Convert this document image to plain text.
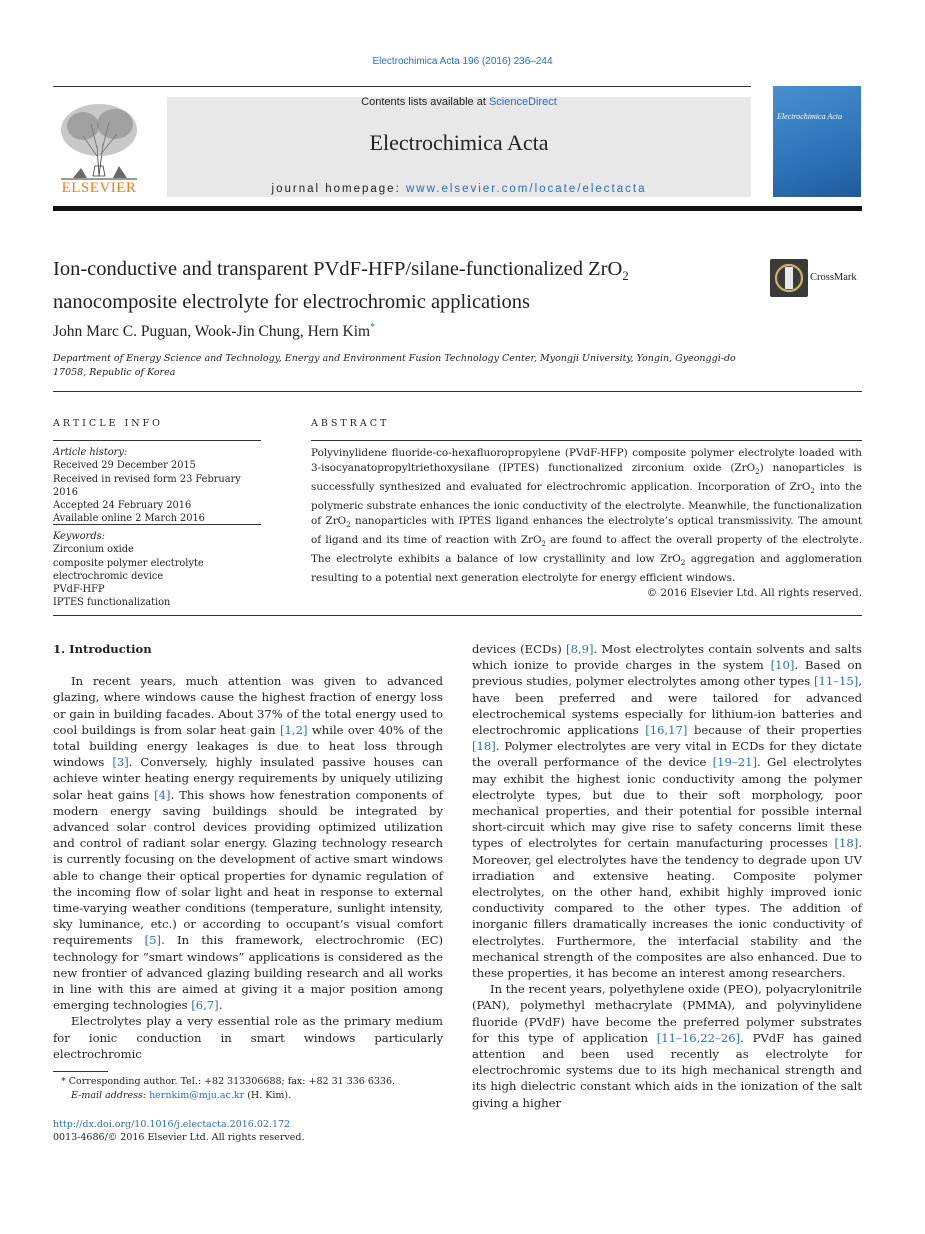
Electrochimica Acta 196 (2016) 236–244
Contents lists available at ScienceDirect
Electrochimica Acta
journal homepage: www.elsevier.com/locate/electacta
ELSEVIER
Electrochimica Acta
Ion-conductive and transparent PVdF-HFP/silane-functionalized ZrO$_2$
nanocomposite electrolyte for electrochromic applications
CrossMark
John Marc C. Puguan, Wook-Jin Chung, Hern Kim*
Department of Energy Science and Technology, Energy and Environment Fusion Technology Center, Myongji University, Yongin, Gyeonggi-do 17058, Republic of Korea
ARTICLE INFO
Article history:
Received 29 December 2015
Received in revised form 23 February 2016
Accepted 24 February 2016
Available online 2 March 2016
Keywords:
Zirconium oxide
composite polymer electrolyte
electrochromic device
PVdF-HFP
IPTES functionalization
ABSTRACT
Polyvinylidene fluoride-co-hexafluoropropylene (PVdF-HFP) composite polymer electrolyte loaded with 3-isocyanatopropyltriethoxysilane (IPTES) functionalized zirconium oxide (ZrO$_2$) nanoparticles is successfully synthesized and evaluated for electrochromic application. Incorporation of ZrO$_2$ into the polymeric substrate enhances the ionic conductivity of the electrolyte. Meanwhile, the functionalization of ZrO$_2$ nanoparticles with IPTES ligand enhances the electrolyte’s optical transmissivity. The amount of ligand and its time of reaction with ZrO$_2$ are found to affect the overall property of the electrolyte. The electrolyte exhibits a balance of low crystallinity and low ZrO$_2$ aggregation and agglomeration resulting to a potential next generation electrolyte for energy efficient windows.
© 2016 Elsevier Ltd. All rights reserved.
1. Introduction

In recent years, much attention was given to advanced glazing, where windows cause the highest fraction of energy loss or gain in building facades. About 37% of the total energy used to cool buildings is from solar heat gain [1,2] while over 40% of the total building energy leakages is due to heat loss through windows [3]. Conversely, highly insulated passive houses can achieve winter heating energy requirements by uniquely utilizing solar heat gains [4]. This shows how fenestration components of modern energy saving buildings should be integrated by advanced solar control devices providing optimized utilization and control of radiant solar energy. Glazing technology research is currently focusing on the development of active smart windows able to change their optical properties for dynamic regulation of the incoming flow of solar light and heat in response to external time-varying weather conditions (temperature, sunlight intensity, sky luminance, etc.) or according to occupant’s visual comfort requirements [5]. In this framework, electrochromic (EC) technology for “smart windows” applications is considered as the new frontier of advanced glazing building research and all works in line with this are aimed at giving it a major position among emerging technologies [6,7].

Electrolytes play a very essential role as the primary medium for ionic conduction in smart windows particularly electrochromic

devices (ECDs) [8,9]. Most electrolytes contain solvents and salts which ionize to provide charges in the system [10]. Based on previous studies, polymer electrolytes among other types [11–15], have been preferred and were tailored for advanced electrochemical systems especially for lithium-ion batteries and electrochromic applications [16,17] because of their properties [18]. Polymer electrolytes are very vital in ECDs for they dictate the overall performance of the device [19–21]. Gel electrolytes may exhibit the highest ionic conductivity among the polymer electrolyte types, but due to their soft morphology, poor mechanical properties, and their potential for possible internal short-circuit which may give rise to safety concerns limit these types of electrolytes for certain manufacturing processes [18]. Moreover, gel electrolytes have the tendency to degrade upon UV irradiation and extensive heating. Composite polymer electrolytes, on the other hand, exhibit highly improved ionic conductivity compared to the other types. The addition of inorganic fillers dramatically increases the ionic conductivity of electrolytes. Furthermore, the interfacial stability and the mechanical strength of the composites are also enhanced. Due to these properties, it has become an interest among researchers.

In the recent years, polyethylene oxide (PEO), polyacrylonitrile (PAN), polymethyl methacrylate (PMMA), and polyvinylidene fluoride (PVdF) have become the preferred polymer substrates for this type of application [11–16,22–26]. PVdF has gained attention and been used recently as electrolyte for electrochromic systems due to its high mechanical strength and its high dielectric constant which aids in the ionization of the salt giving a higher

* Corresponding author. Tel.: +82 313306688; fax: +82 31 336 6336.
E-mail address: hernkim@mju.ac.kr (H. Kim).
http://dx.doi.org/10.1016/j.electacta.2016.02.172
0013-4686/© 2016 Elsevier Ltd. All rights reserved.
